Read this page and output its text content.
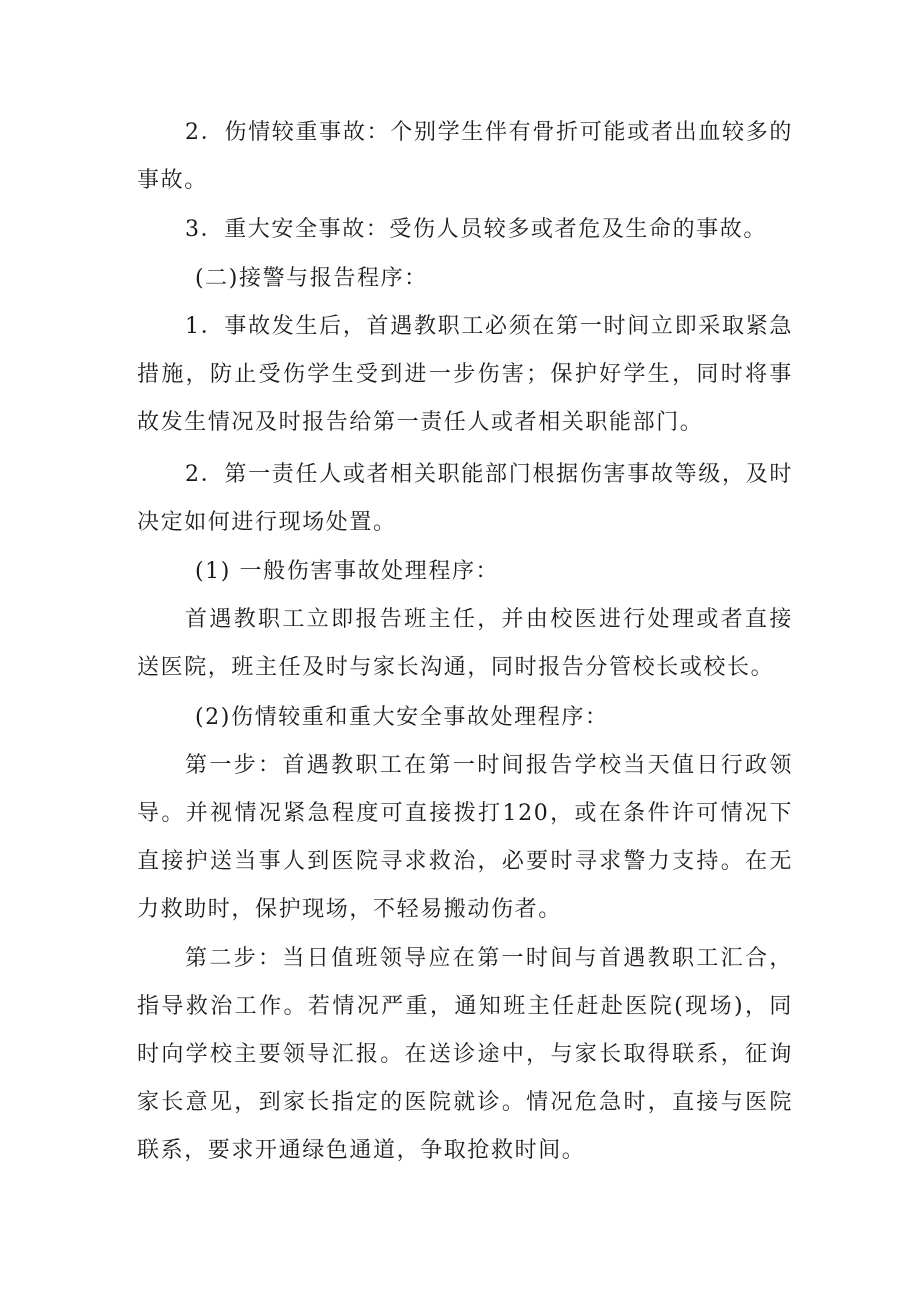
2．伤情较重事故：个别学生伴有骨折可能或者出血较多的事故。

3．重大安全事故：受伤人员较多或者危及生命的事故。

(二)接警与报告程序：

1．事故发生后，首遇教职工必须在第一时间立即采取紧急措施，防止受伤学生受到进一步伤害；保护好学生，同时将事故发生情况及时报告给第一责任人或者相关职能部门。

2．第一责任人或者相关职能部门根据伤害事故等级，及时决定如何进行现场处置。

(1) 一般伤害事故处理程序：

首遇教职工立即报告班主任，并由校医进行处理或者直接送医院，班主任及时与家长沟通，同时报告分管校长或校长。

(2)伤情较重和重大安全事故处理程序：

第一步：首遇教职工在第一时间报告学校当天值日行政领导。并视情况紧急程度可直接拨打120，或在条件许可情况下直接护送当事人到医院寻求救治，必要时寻求警力支持。在无力救助时，保护现场，不轻易搬动伤者。

第二步：当日值班领导应在第一时间与首遇教职工汇合，指导救治工作。若情况严重，通知班主任赶赴医院(现场)，同时向学校主要领导汇报。在送诊途中，与家长取得联系，征询家长意见，到家长指定的医院就诊。情况危急时，直接与医院联系，要求开通绿色通道，争取抢救时间。
